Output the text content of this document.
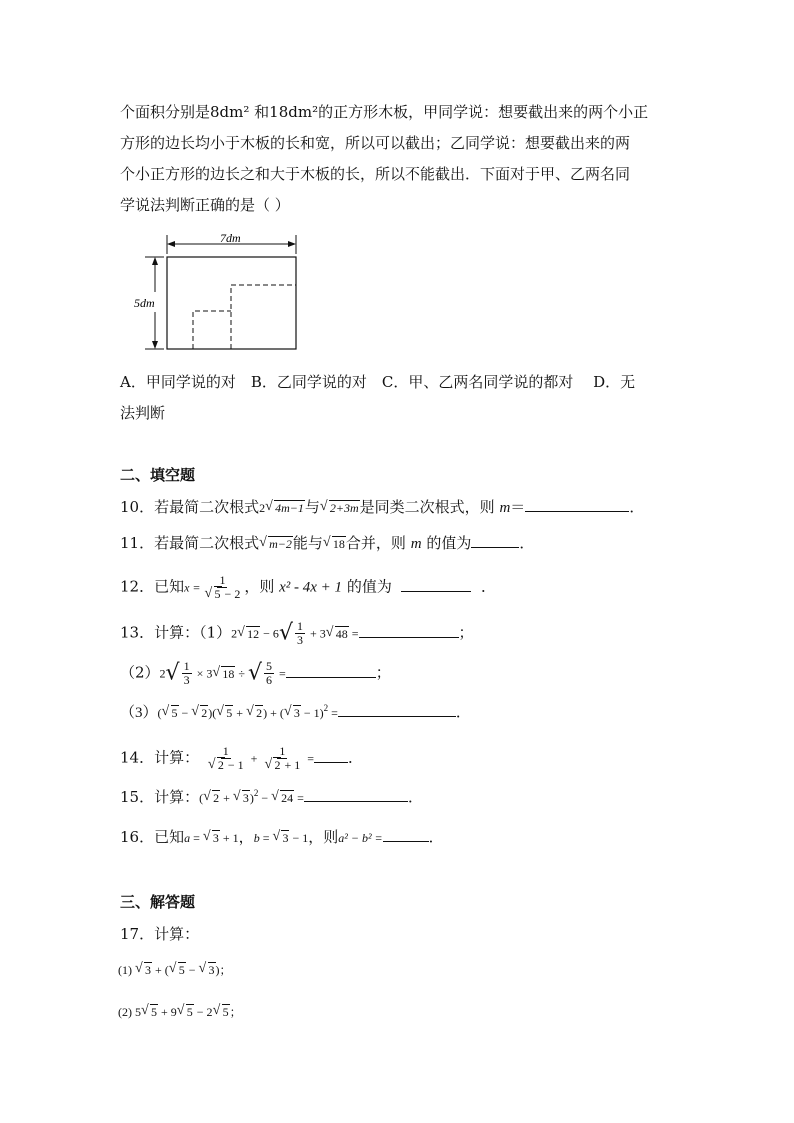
个面积分别是8dm² 和18dm²的正方形木板，甲同学说：想要截出来的两个小正
方形的边长均小于木板的长和宽，所以可以截出；乙同学说：想要截出来的两
个小正方形的边长之和大于木板的长，所以不能截出．下面对于甲、乙两名同
学说法判断正确的是（ ）
7dm
5dm
A．甲同学说的对　B．乙同学说的对　C．甲、乙两名同学说的都对　 D．无
法判断
二、填空题
10．若最简二次根式2√ 4m−1与√ 2+3m是同类二次根式，则 m＝	．
11．若最简二次根式√ m−2能与√ 18合并，则 m 的值为	．
12．已知x = 1
√ 5 − 2 ，则 x² - 4x + 1 的值为	．
13．计算：（1）2√ $12 - 6√ \frac{1}{3} + 3√$ 48 =	；
$(2)2√ \frac{1}{3} \times 3√$ 18 ÷ √ $\frac{5}{6}$ =	；
（3）(√ 5 − √ 2)(√ 5 + √ 2) + (√ 3 − 1)$^2$ =	．
14．计算： 1
√ 2 − 1 + 1
√ 2 + 1 = ．
15．计算：(√ 2 + √ 3)$^2$ − √ 24 =	．
16．已知a = √ 3 + 1，b = √ 3 − 1，则a² − b² =	．
三、解答题
17．计算：
(1) √ 3 + (√ 5 − √ 3)；
(2) 5√ 5 + 9√ 5 − 2√ 5；
